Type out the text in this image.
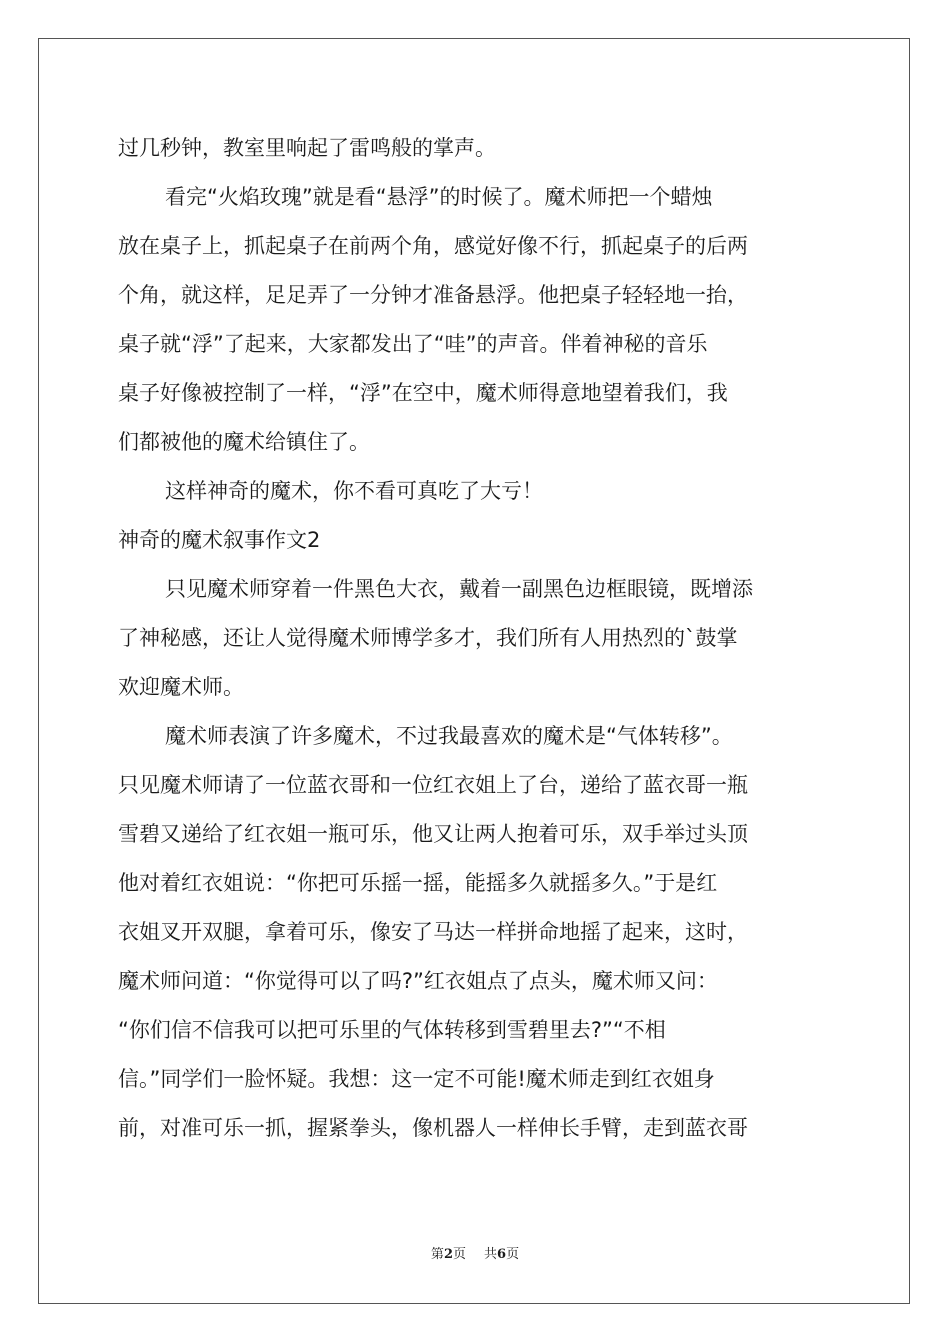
过几秒钟，教室里响起了雷鸣般的掌声。
看完“火焰玫瑰”就是看“悬浮”的时候了。魔术师把一个蜡烛
放在桌子上，抓起桌子在前两个角，感觉好像不行，抓起桌子的后两
个角，就这样，足足弄了一分钟才准备悬浮。他把桌子轻轻地一抬，
桌子就“浮”了起来，大家都发出了“哇”的声音。伴着神秘的音乐
桌子好像被控制了一样，“浮”在空中，魔术师得意地望着我们，我
们都被他的魔术给镇住了。
这样神奇的魔术，你不看可真吃了大亏！
神奇的魔术叙事作文2
只见魔术师穿着一件黑色大衣，戴着一副黑色边框眼镜，既增添
了神秘感，还让人觉得魔术师博学多才，我们所有人用热烈的`鼓掌
欢迎魔术师。
魔术师表演了许多魔术，不过我最喜欢的魔术是“气体转移”。
只见魔术师请了一位蓝衣哥和一位红衣姐上了台，递给了蓝衣哥一瓶
雪碧又递给了红衣姐一瓶可乐，他又让两人抱着可乐，双手举过头顶
他对着红衣姐说：“你把可乐摇一摇，能摇多久就摇多久。”于是红
衣姐叉开双腿，拿着可乐，像安了马达一样拼命地摇了起来，这时，
魔术师问道：“你觉得可以了吗?”红衣姐点了点头，魔术师又问：
“你们信不信我可以把可乐里的气体转移到雪碧里去?”“不相
信。”同学们一脸怀疑。我想：这一定不可能!魔术师走到红衣姐身
前，对准可乐一抓，握紧拳头，像机器人一样伸长手臂，走到蓝衣哥
第2页 共6页
